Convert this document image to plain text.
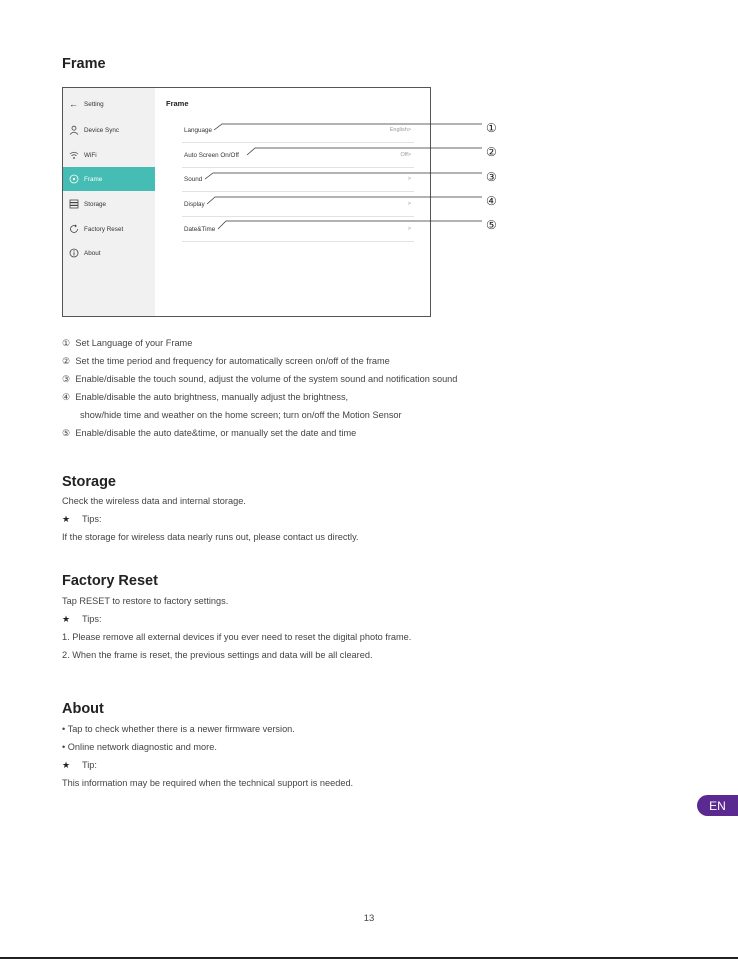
Frame
← Setting
Device Sync
WiFi
Frame
Storage
Factory Reset
About
Frame
Language	English>
Auto Screen On/Off	Off>
Sound	>
Display	>
Date&Time	>
①
②
③
④
⑤
① Set Language of your Frame
② Set the time period and frequency for automatically screen on/off of the frame
③ Enable/disable the touch sound, adjust the volume of the system sound and notification sound
④ Enable/disable the auto brightness, manually adjust the brightness,
show/hide time and weather on the home screen; turn on/off the Motion Sensor
⑤ Enable/disable the auto date&time, or manually set the date and time
Storage
Check the wireless data and internal storage.
★ Tips:
If the storage for wireless data nearly runs out, please contact us directly.
Factory Reset
Tap RESET to restore to factory settings.
★ Tips:
1. Please remove all external devices if you ever need to reset the digital photo frame.
2. When the frame is reset, the previous settings and data will be all cleared.
About
• Tap to check whether there is a newer firmware version.
• Online network diagnostic and more.
★ Tip:
This information may be required when the technical support is needed.
EN
13
